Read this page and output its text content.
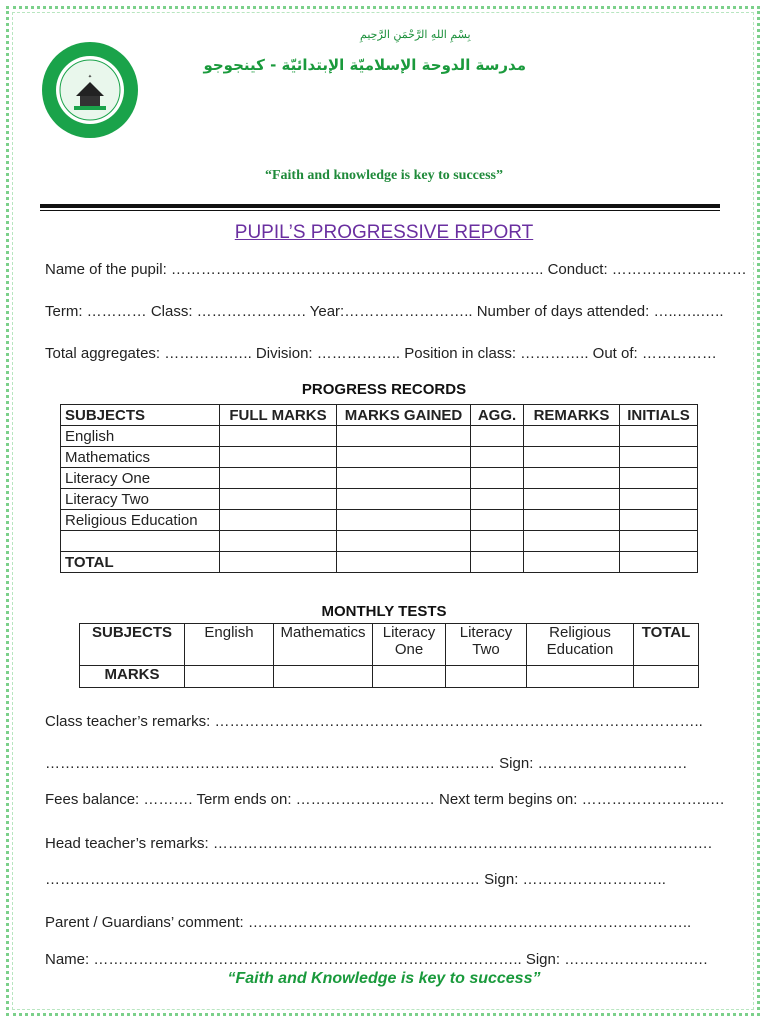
✦
بِسْمِ اللهِ الرَّحْمَنِ الرَّحِيمِ
مدرسة الدوحة الإسلاميّة الإبتدائيّة - كينجوجو
“Faith and knowledge is key to success”
PUPIL’S PROGRESSIVE REPORT
Name of the pupil: ……………………………………………………….……….. Conduct: ………………………
Term: ………… Class: …………………. Year:…………………….. Number of days attended: …..…..…..
Total aggregates: ………….….. Division: …………….. Position in class: ………….. Out of: ……………
PROGRESS RECORDS
SUBJECTS	FULL MARKS	MARKS GAINED	AGG.	REMARKS	INITIALS
English					
Mathematics					
Literacy One					
Literacy Two					
Religious Education					

TOTAL					
MONTHLY TESTS
SUBJECTS	English	Mathematics	Literacy One	Literacy Two	Religious Education	TOTAL
MARKS						
Class teacher’s remarks: ……………………………………………………………………………………..
……………………………………………………………………………… Sign: …………………………
Fees balance: ………. Term ends on: ……………….……… Next term begins on: ……………………..…
Head teacher’s remarks: ……………………………………………………………………………………….
…………………………………………………………………………… Sign: ………………………..
Parent / Guardians’ comment: ……………………………………………………………………………..
Name: ………………………………………………………………………….. Sign: …………………….….
“Faith and Knowledge is key to success”
